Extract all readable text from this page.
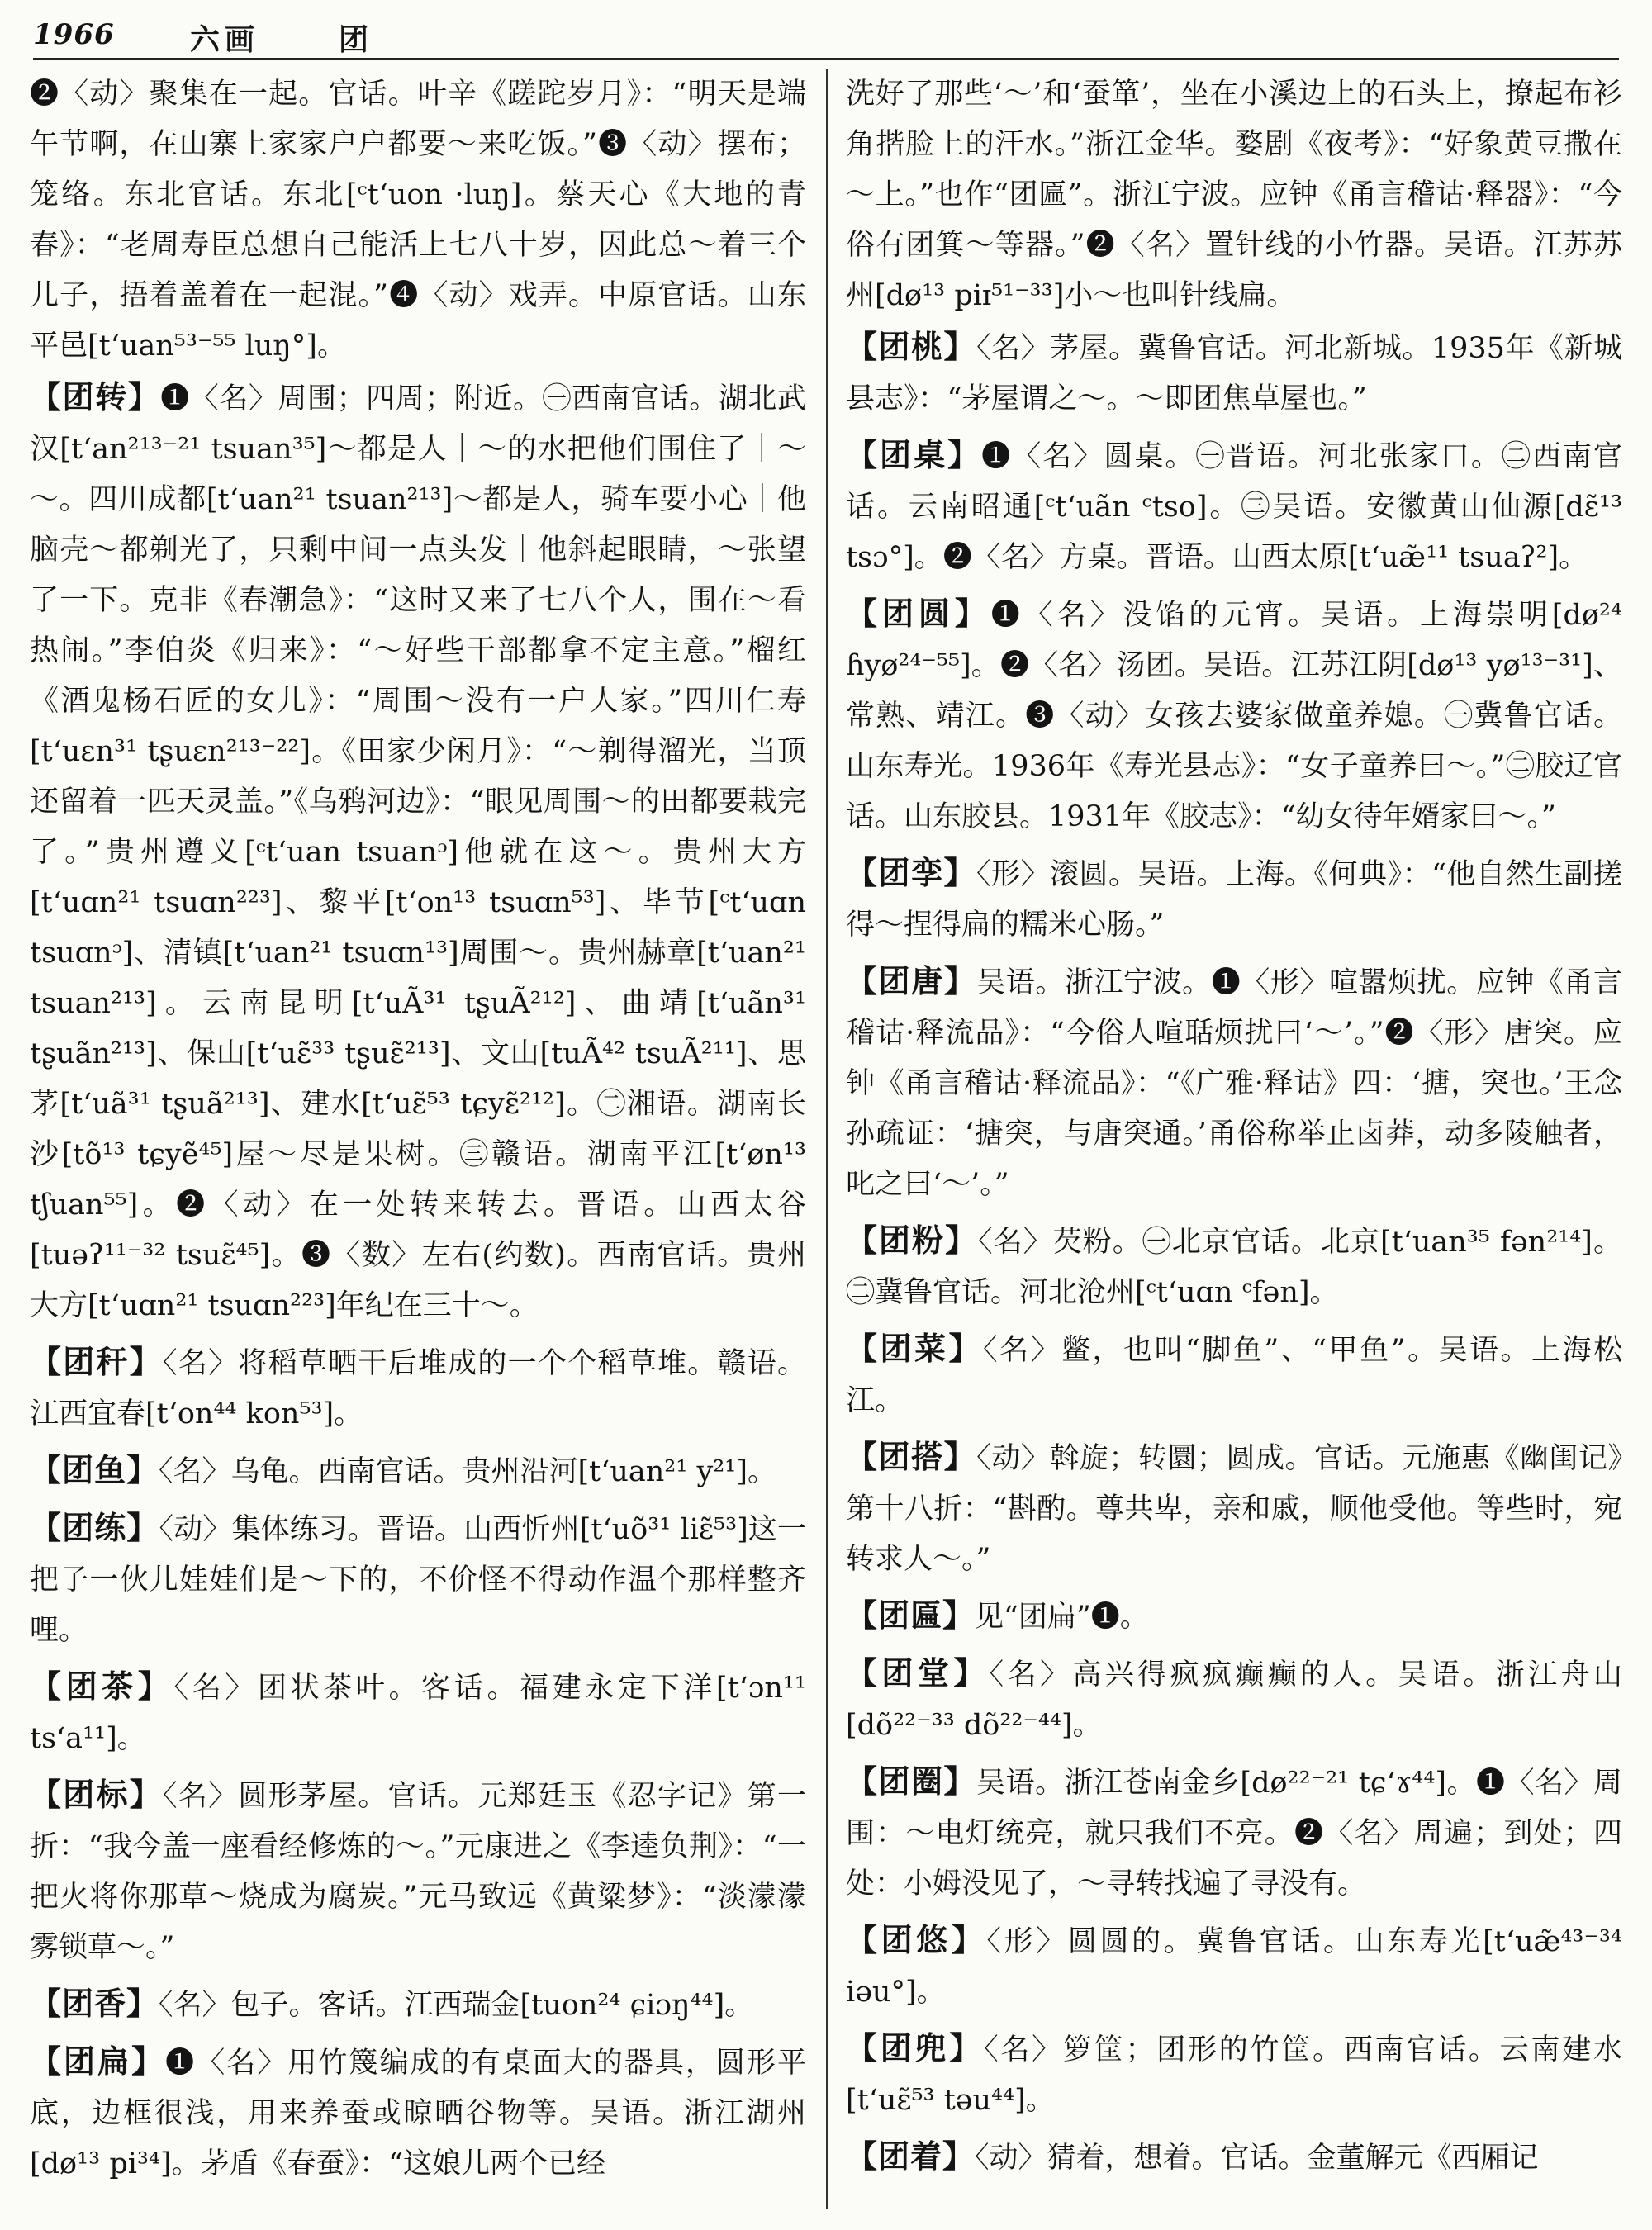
1966	六画	团

❷〈动〉聚集在一起。官话。叶辛《蹉跎岁月》：“明天是端午节啊，在山寨上家家户户都要～来吃饭。”❸〈动〉摆布；笼络。东北官话。东北[ᶜt‘uon ·luŋ]。蔡天心《大地的青春》：“老周寿臣总想自己能活上七八十岁，因此总～着三个儿子，捂着盖着在一起混。”❹〈动〉戏弄。中原官话。山东平邑[t‘uan⁵³⁻⁵⁵ luŋ°]。

【团转】❶〈名〉周围；四周；附近。㊀西南官话。湖北武汉[t‘an²¹³⁻²¹ tsuan³⁵]～都是人｜～的水把他们围住了｜～～。四川成都[t‘uan²¹ tsuan²¹³]～都是人，骑车要小心｜他脑壳～都剃光了，只剩中间一点头发｜他斜起眼睛，～张望了一下。克非《春潮急》：“这时又来了七八个人，围在～看热闹。”李伯炎《归来》：“～好些干部都拿不定主意。”榴红《酒鬼杨石匠的女儿》：“周围～没有一户人家。”四川仁寿[t‘uɛn³¹ tʂuɛn²¹³⁻²²]。《田家少闲月》：“～剃得溜光，当顶还留着一匹天灵盖。”《乌鸦河边》：“眼见周围～的田都要栽完了。”贵州遵义[ᶜt‘uan tsuanᵓ]他就在这～。贵州大方[t‘uɑn²¹ tsuɑn²²³]、黎平[t‘on¹³ tsuɑn⁵³]、毕节[ᶜt‘uɑn tsuɑnᵓ]、清镇[t‘uan²¹ tsuɑn¹³]周围～。贵州赫章[t‘uan²¹ tsuan²¹³]。云南昆明[t‘uÃ³¹ tʂuÃ²¹²]、曲靖[t‘uãn³¹ tʂuãn²¹³]、保山[t‘uɛ̃³³ tʂuɛ̃²¹³]、文山[tuÃ⁴² tsuÃ²¹¹]、思茅[t‘uã³¹ tʂuã²¹³]、建水[t‘uɛ̃⁵³ tɕyɛ̃²¹²]。㊁湘语。湖南长沙[tõ¹³ tɕyẽ⁴⁵]屋～尽是果树。㊂赣语。湖南平江[t‘øn¹³ tʃuan⁵⁵]。❷〈动〉在一处转来转去。晋语。山西太谷[tuəʔ¹¹⁻³² tsuɛ̃⁴⁵]。❸〈数〉左右(约数)。西南官话。贵州大方[t‘uɑn²¹ tsuɑn²²³]年纪在三十～。

【团秆】〈名〉将稻草晒干后堆成的一个个稻草堆。赣语。江西宜春[t‘on⁴⁴ kon⁵³]。

【团鱼】〈名〉乌龟。西南官话。贵州沿河[t‘uan²¹ y²¹]。

【团练】〈动〉集体练习。晋语。山西忻州[t‘uõ³¹ liɛ̃⁵³]这一把子一伙儿娃娃们是～下的，不价怪不得动作温个那样整齐哩。

【团茶】〈名〉团状茶叶。客话。福建永定下洋[t‘ɔn¹¹ ts‘a¹¹]。

【团标】〈名〉圆形茅屋。官话。元郑廷玉《忍字记》第一折：“我今盖一座看经修炼的～。”元康进之《李逵负荆》：“一把火将你那草～烧成为腐炭。”元马致远《黄粱梦》：“淡濛濛雾锁草～。”

【团香】〈名〉包子。客话。江西瑞金[tuon²⁴ ɕiɔŋ⁴⁴]。

【团扁】❶〈名〉用竹篾编成的有桌面大的器具，圆形平底，边框很浅，用来养蚕或晾晒谷物等。吴语。浙江湖州[dø¹³ pi³⁴]。茅盾《春蚕》：“这娘儿两个已经

洗好了那些‘～’和‘蚕箪’，坐在小溪边上的石头上，撩起布衫角揩脸上的汗水。”浙江金华。婺剧《夜考》：“好象黄豆撒在～上。”也作“团匾”。浙江宁波。应钟《甬言稽诂·释器》：“今俗有团箕～等器。”❷〈名〉置针线的小竹器。吴语。江苏苏州[dø¹³ piɪ⁵¹⁻³³]小～也叫针线扁。

【团桃】〈名〉茅屋。冀鲁官话。河北新城。1935年《新城县志》：“茅屋谓之～。～即团焦草屋也。”

【团桌】❶〈名〉圆桌。㊀晋语。河北张家口。㊁西南官话。云南昭通[ᶜt‘uãn ᶜtso]。㊂吴语。安徽黄山仙源[dɛ̃¹³ tsɔ°]。❷〈名〉方桌。晋语。山西太原[t‘uæ̃¹¹ tsuaʔ²]。

【团圆】❶〈名〉没馅的元宵。吴语。上海崇明[dø²⁴ ɦyø²⁴⁻⁵⁵]。❷〈名〉汤团。吴语。江苏江阴[dø¹³ yø¹³⁻³¹]、常熟、靖江。❸〈动〉女孩去婆家做童养媳。㊀冀鲁官话。山东寿光。1936年《寿光县志》：“女子童养曰～。”㊁胶辽官话。山东胶县。1931年《胶志》：“幼女待年婿家曰～。”

【团孪】〈形〉滚圆。吴语。上海。《何典》：“他自然生副搓得～捏得扁的糯米心肠。”

【团唐】吴语。浙江宁波。❶〈形〉喧嚣烦扰。应钟《甬言稽诂·释流品》：“今俗人喧聒烦扰曰‘～’。”❷〈形〉唐突。应钟《甬言稽诂·释流品》：“《广雅·释诂》四：‘搪，突也。’王念孙疏证：‘搪突，与唐突通。’甬俗称举止卤莽，动多陵触者，叱之曰‘～’。”

【团粉】〈名〉芡粉。㊀北京官话。北京[t‘uan³⁵ fən²¹⁴]。㊁冀鲁官话。河北沧州[ᶜt‘uɑn ᶜfən]。

【团菜】〈名〉鳖，也叫“脚鱼”、“甲鱼”。吴语。上海松江。

【团搭】〈动〉斡旋；转圜；圆成。官话。元施惠《幽闺记》第十八折：“斟酌。尊共卑，亲和戚，顺他受他。等些时，宛转求人～。”

【团匾】见“团扁”❶。

【团堂】〈名〉高兴得疯疯癫癫的人。吴语。浙江舟山[dõ²²⁻³³ dõ²²⁻⁴⁴]。

【团圈】吴语。浙江苍南金乡[dø²²⁻²¹ tɕ‘ɤ⁴⁴]。❶〈名〉周围：～电灯统亮，就只我们不亮。❷〈名〉周遍；到处；四处：小姆没见了，～寻转找遍了寻没有。

【团悠】〈形〉圆圆的。冀鲁官话。山东寿光[t‘uæ̃⁴³⁻³⁴ iəu°]。

【团兜】〈名〉箩筐；团形的竹筐。西南官话。云南建水[t‘uɛ̃⁵³ təu⁴⁴]。

【团着】〈动〉猜着，想着。官话。金董解元《西厢记
